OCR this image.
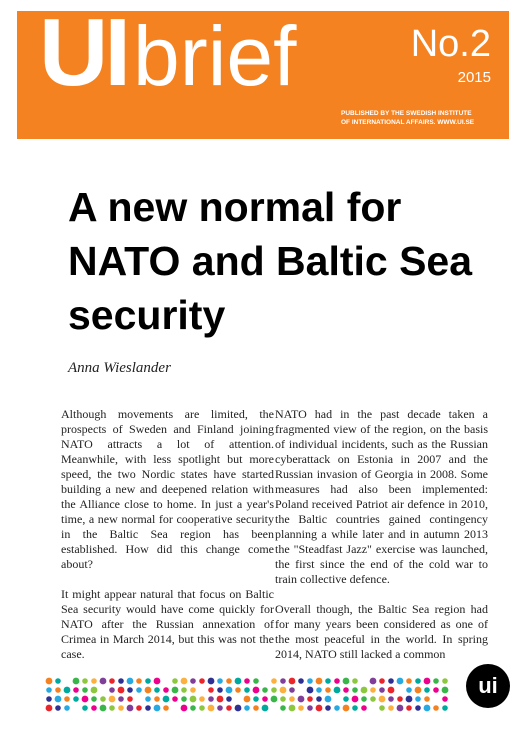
UIbrief	No.2
2015
PUBLISHED BY THE SWEDISH INSTITUTE
OF INTERNATIONAL AFFAIRS. WWW.UI.SE
A new normal for NATO and Baltic Sea security
Anna Wieslander

Although movements are limited, the prospects of Sweden and Finland joining NATO attracts a lot of attention. Meanwhile, with less spotlight but more speed, the two Nordic states have started building a new and deepened relation with the Alliance close to home. In just a year's time, a new normal for cooperative security in the Baltic Sea region has been established. How did this change come about?

It might appear natural that focus on Baltic Sea security would have come quickly for NATO after the Russian annexation of Crimea in March 2014, but this was not the case.

NATO had in the past decade taken a fragmented view of the region, on the basis of individual incidents, such as the Russian cyberattack on Estonia in 2007 and the Russian invasion of Georgia in 2008. Some measures had also been implemented: Poland received Patriot air defence in 2010, the Baltic countries gained contingency planning a while later and in autumn 2013 the "Steadfast Jazz" exercise was launched, the first since the end of the cold war to train collective defence.

Overall though, the Baltic Sea region had for many years been considered as one of the most peaceful in the world. In spring 2014, NATO still lacked a common

ui
